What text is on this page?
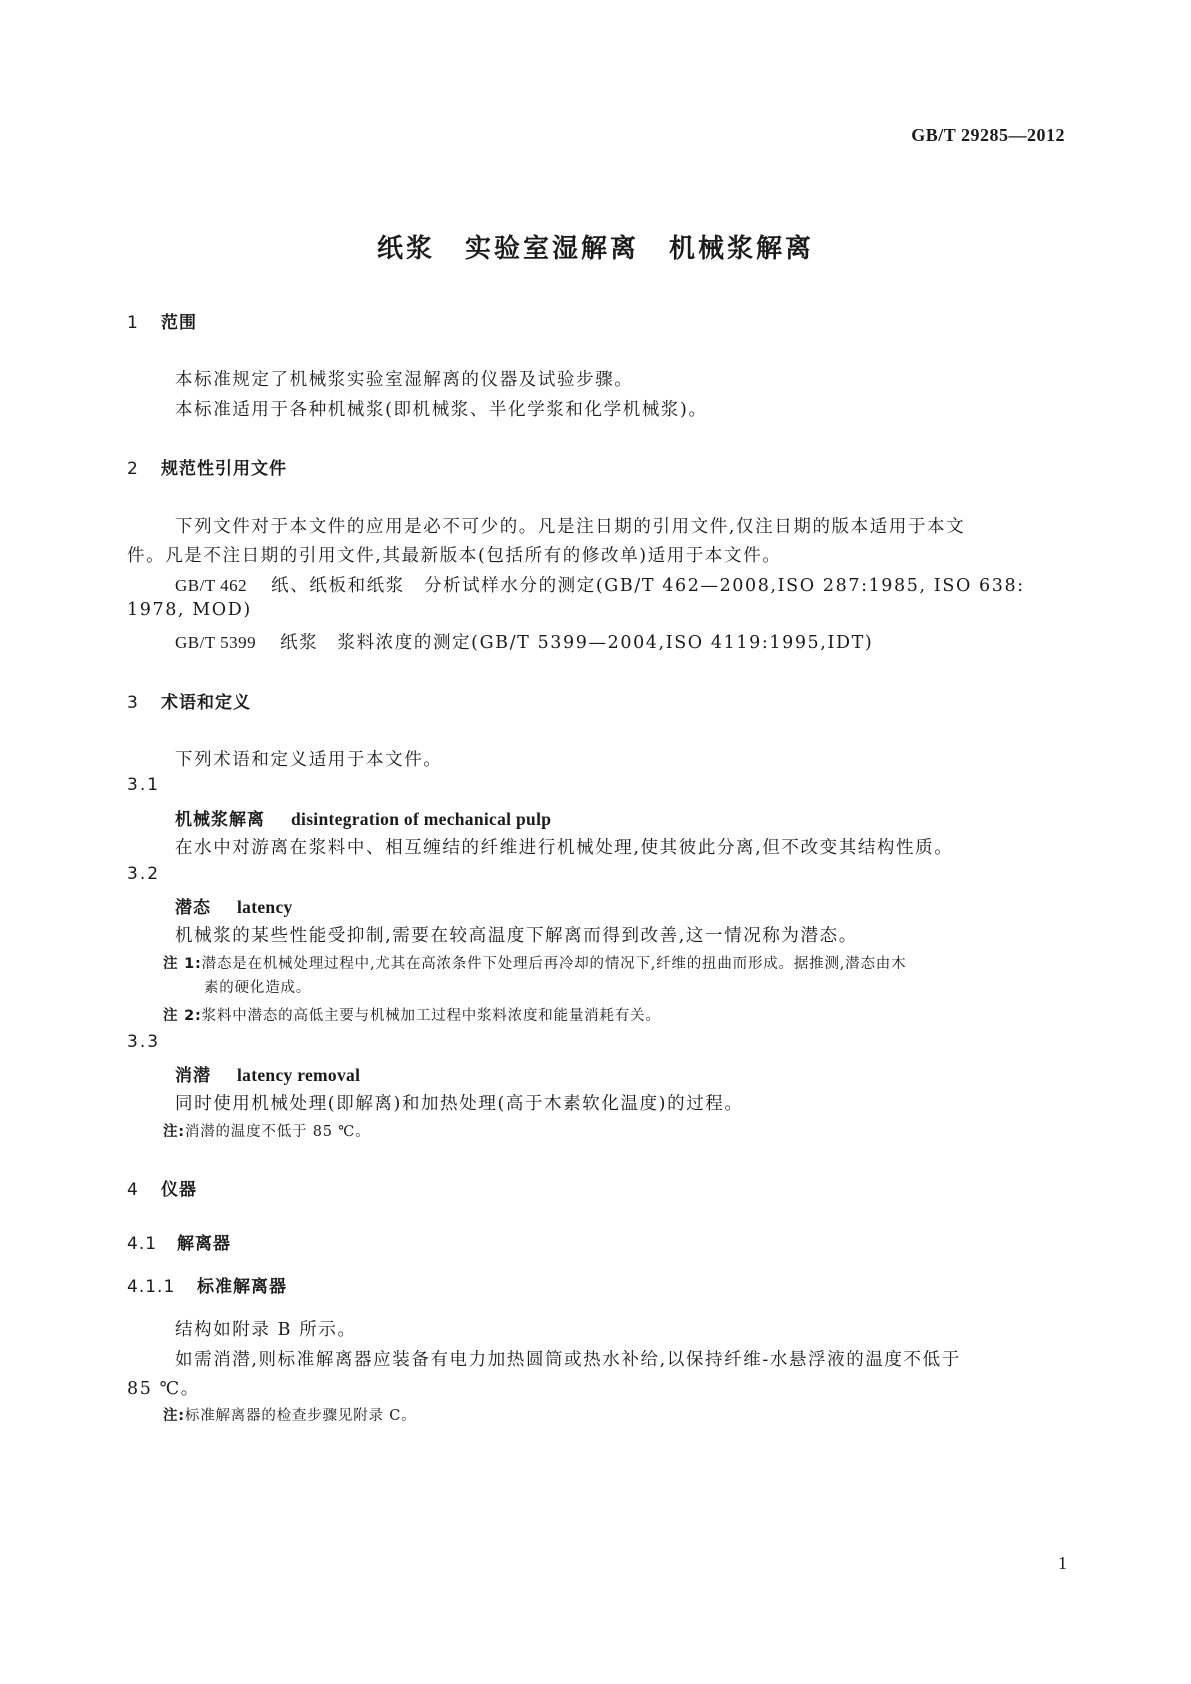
GB/T 29285—2012
纸浆 实验室湿解离 机械浆解离
1 范围
本标准规定了机械浆实验室湿解离的仪器及试验步骤。
本标准适用于各种机械浆(即机械浆、半化学浆和化学机械浆)。
2 规范性引用文件
下列文件对于本文件的应用是必不可少的。凡是注日期的引用文件,仅注日期的版本适用于本文
件。凡是不注日期的引用文件,其最新版本(包括所有的修改单)适用于本文件。
GB/T 462 纸、纸板和纸浆　分析试样水分的测定(GB/T 462—2008,ISO 287:1985, ISO 638:
1978, MOD)
GB/T 5399 纸浆　浆料浓度的测定(GB/T 5399—2004,ISO 4119:1995,IDT)
3 术语和定义
下列术语和定义适用于本文件。
3.1
机械浆解离 disintegration of mechanical pulp
在水中对游离在浆料中、相互缠结的纤维进行机械处理,使其彼此分离,但不改变其结构性质。
3.2
潜态 latency
机械浆的某些性能受抑制,需要在较高温度下解离而得到改善,这一情况称为潜态。
注 1:潜态是在机械处理过程中,尤其在高浓条件下处理后再冷却的情况下,纤维的扭曲而形成。据推测,潜态由木
素的硬化造成。
注 2:浆料中潜态的高低主要与机械加工过程中浆料浓度和能量消耗有关。
3.3
消潜 latency removal
同时使用机械处理(即解离)和加热处理(高于木素软化温度)的过程。
注:消潜的温度不低于 85 ℃。
4 仪器
4.1 解离器
4.1.1 标准解离器
结构如附录 B 所示。
如需消潜,则标准解离器应装备有电力加热圆筒或热水补给,以保持纤维-水悬浮液的温度不低于
85 ℃。
注:标准解离器的检查步骤见附录 C。
1
